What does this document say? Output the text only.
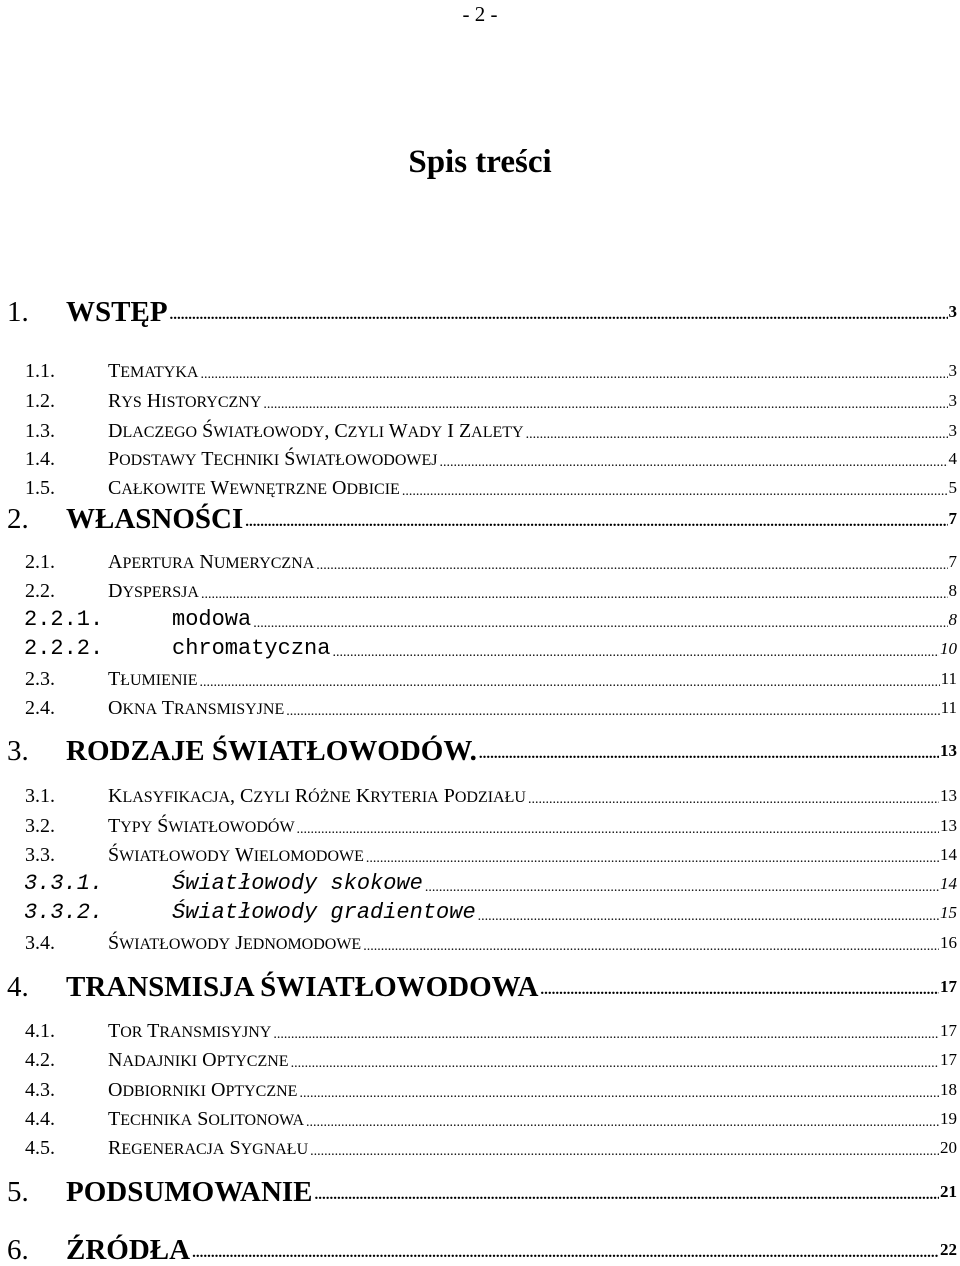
- 2 -
Spis treści
1. WSTĘP .....	3
1.1.	TEMATYKA .....	3
1.2.	RYS HISTORYCZNY .....	3
1.3.	DLACZEGO ŚWIATŁOWODY, CZYLI WADY I ZALETY .....	3
1.4.	PODSTAWY TECHNIKI ŚWIATŁOWODOWEJ .....	4
1.5.	CAŁKOWITE WEWNĘTRZNE ODBICIE .....	5
2. WŁASNOŚCI .....	7
2.1.	APERTURA NUMERYCZNA .....	7
2.2.	DYSPERSJA .....	8
2.2.1.	modowa .....	8
2.2.2.	chromatyczna .....	10
2.3.	TŁUMIENIE .....	11
2.4.	OKNA TRANSMISYJNE .....	11
3. RODZAJE ŚWIATŁOWODÓW. .....	13
3.1.	KLASYFIKACJA, CZYLI RÓŻNE KRYTERIA PODZIAŁU .....	13
3.2.	TYPY ŚWIATŁOWODÓW .....	13
3.3.	ŚWIATŁOWODY WIELOMODOWE .....	14
3.3.1.	Światłowody skokowe .....	14
3.3.2.	Światłowody gradientowe .....	15
3.4.	ŚWIATŁOWODY JEDNOMODOWE .....	16
4. TRANSMISJA ŚWIATŁOWODOWA .....	17
4.1.	TOR TRANSMISYJNY .....	17
4.2.	NADAJNIKI OPTYCZNE .....	17
4.3.	ODBIORNIKI OPTYCZNE .....	18
4.4.	TECHNIKA SOLITONOWA .....	19
4.5.	REGENERACJA SYGNAŁU .....	20
5. PODSUMOWANIE .....	21
6. ŹRÓDŁA .....	22
